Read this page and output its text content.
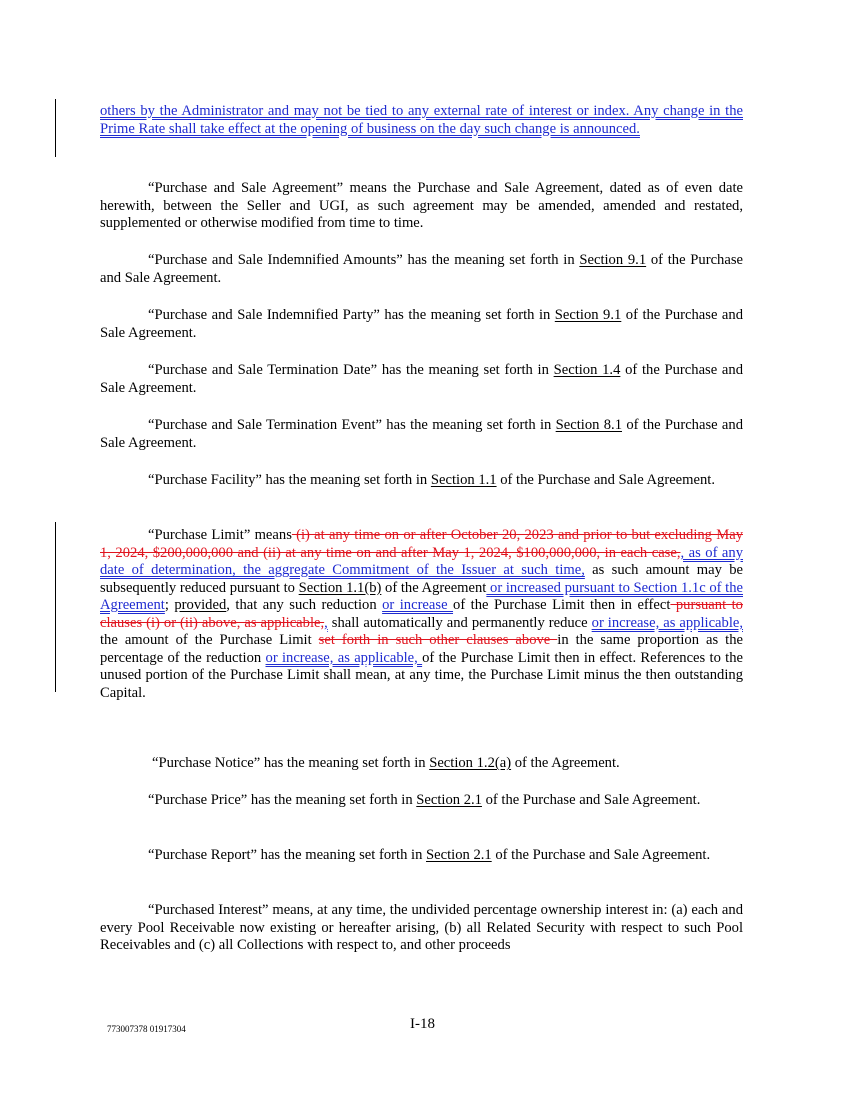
others by the Administrator and may not be tied to any external rate of interest or index. Any change in the Prime Rate shall take effect at the opening of business on the day such change is announced.

“Purchase and Sale Agreement” means the Purchase and Sale Agreement, dated as of even date herewith, between the Seller and UGI, as such agreement may be amended, amended and restated, supplemented or otherwise modified from time to time.

“Purchase and Sale Indemnified Amounts” has the meaning set forth in Section 9.1 of the Purchase and Sale Agreement.

“Purchase and Sale Indemnified Party” has the meaning set forth in Section 9.1 of the Purchase and Sale Agreement.

“Purchase and Sale Termination Date” has the meaning set forth in Section 1.4 of the Purchase and Sale Agreement.

“Purchase and Sale Termination Event” has the meaning set forth in Section 8.1 of the Purchase and Sale Agreement.

“Purchase Facility” has the meaning set forth in Section 1.1 of the Purchase and Sale Agreement.

“Purchase Limit” means (i) at any time on or after October 20, 2023 and prior to but excluding May 1, 2024, $200,000,000 and (ii) at any time on and after May 1, 2024, $100,000,000, in each case,, as of any date of determination, the aggregate Commitment of the Issuer at such time, as such amount may be subsequently reduced pursuant to Section 1.1(b) of the Agreement or increased pursuant to Section 1.1c of the Agreement; provided, that any such reduction or increase of the Purchase Limit then in effect pursuant to clauses (i) or (ii) above, as applicable,, shall automatically and permanently reduce or increase, as applicable, the amount of the Purchase Limit set forth in such other clauses above in the same proportion as the percentage of the reduction or increase, as applicable, of the Purchase Limit then in effect. References to the unused portion of the Purchase Limit shall mean, at any time, the Purchase Limit minus the then outstanding Capital.

“Purchase Notice” has the meaning set forth in Section 1.2(a) of the Agreement.

“Purchase Price” has the meaning set forth in Section 2.1 of the Purchase and Sale Agreement.

“Purchase Report” has the meaning set forth in Section 2.1 of the Purchase and Sale Agreement.

“Purchased Interest” means, at any time, the undivided percentage ownership interest in: (a) each and every Pool Receivable now existing or hereafter arising, (b) all Related Security with respect to such Pool Receivables and (c) all Collections with respect to, and other proceeds

773007378 01917304	I-18
